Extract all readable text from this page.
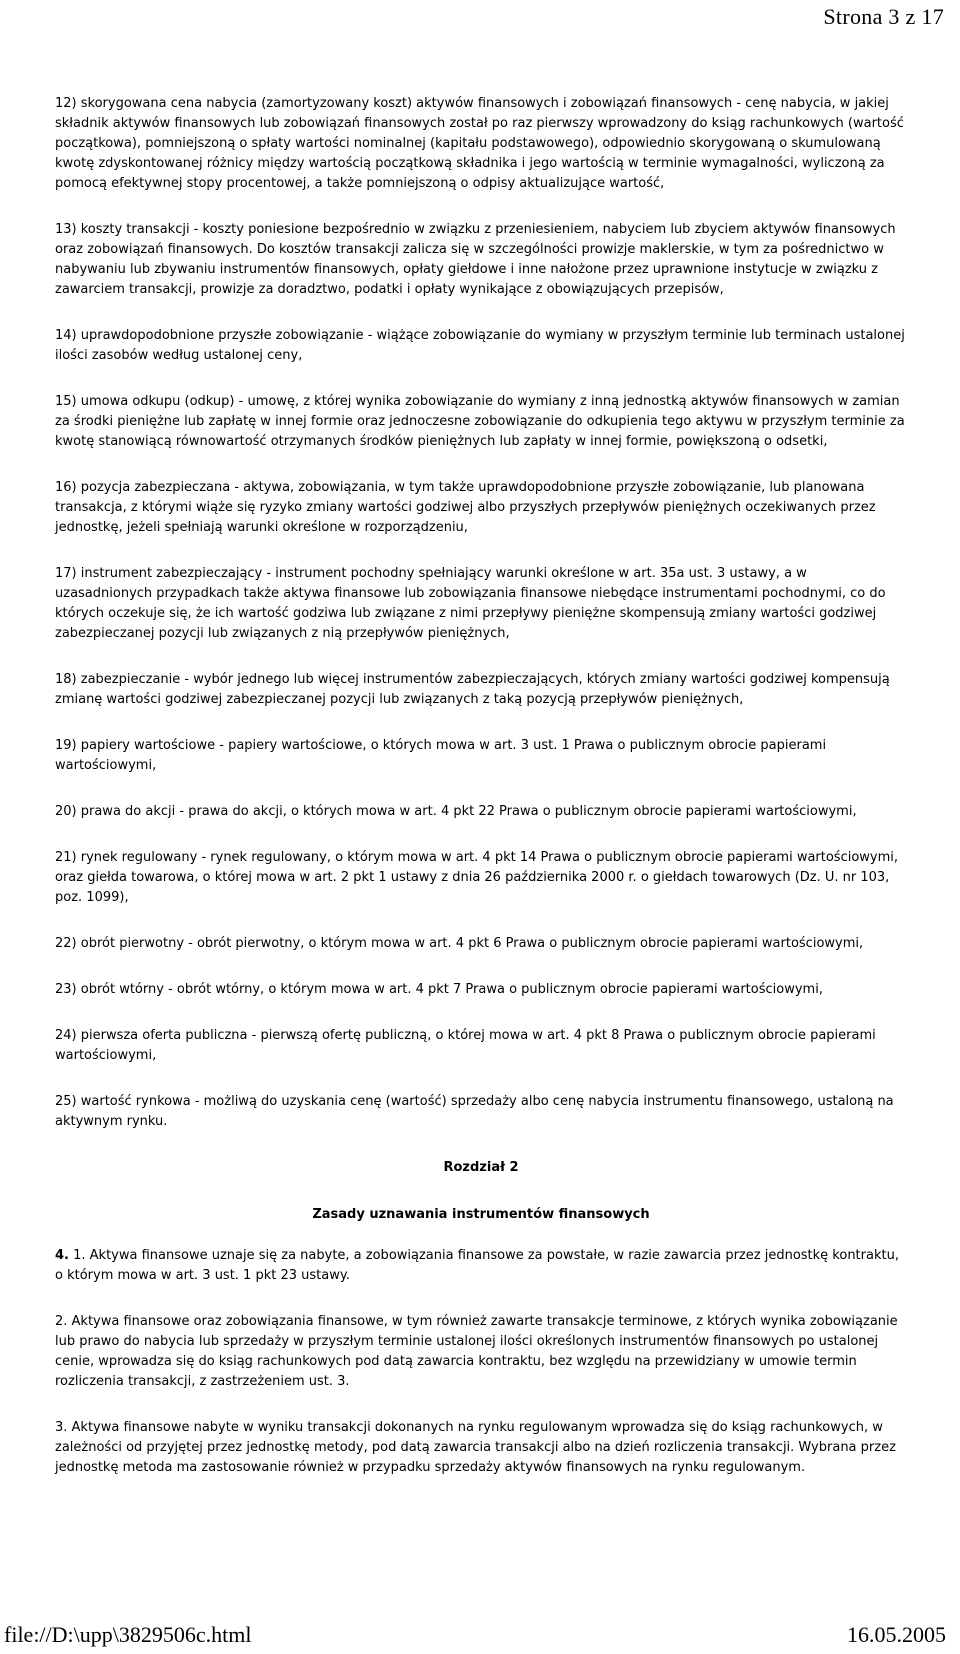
Strona 3 z 17

12) skorygowana cena nabycia (zamortyzowany koszt) aktywów finansowych i zobowiązań finansowych - cenę nabycia, w jakiej składnik aktywów finansowych lub zobowiązań finansowych został po raz pierwszy wprowadzony do ksiąg rachunkowych (wartość początkowa), pomniejszoną o spłaty wartości nominalnej (kapitału podstawowego), odpowiednio skorygowaną o skumulowaną kwotę zdyskontowanej różnicy między wartością początkową składnika i jego wartością w terminie wymagalności, wyliczoną za pomocą efektywnej stopy procentowej, a także pomniejszoną o odpisy aktualizujące wartość,

13) koszty transakcji - koszty poniesione bezpośrednio w związku z przeniesieniem, nabyciem lub zbyciem aktywów finansowych oraz zobowiązań finansowych. Do kosztów transakcji zalicza się w szczególności prowizje maklerskie, w tym za pośrednictwo w nabywaniu lub zbywaniu instrumentów finansowych, opłaty giełdowe i inne nałożone przez uprawnione instytucje w związku z zawarciem transakcji, prowizje za doradztwo, podatki i opłaty wynikające z obowiązujących przepisów,

14) uprawdopodobnione przyszłe zobowiązanie - wiążące zobowiązanie do wymiany w przyszłym terminie lub terminach ustalonej ilości zasobów według ustalonej ceny,

15) umowa odkupu (odkup) - umowę, z której wynika zobowiązanie do wymiany z inną jednostką aktywów finansowych w zamian za środki pieniężne lub zapłatę w innej formie oraz jednoczesne zobowiązanie do odkupienia tego aktywu w przyszłym terminie za kwotę stanowiącą równowartość otrzymanych środków pieniężnych lub zapłaty w innej formie, powiększoną o odsetki,

16) pozycja zabezpieczana - aktywa, zobowiązania, w tym także uprawdopodobnione przyszłe zobowiązanie, lub planowana transakcja, z którymi wiąże się ryzyko zmiany wartości godziwej albo przyszłych przepływów pieniężnych oczekiwanych przez jednostkę, jeżeli spełniają warunki określone w rozporządzeniu,

17) instrument zabezpieczający - instrument pochodny spełniający warunki określone w art. 35a ust. 3 ustawy, a w uzasadnionych przypadkach także aktywa finansowe lub zobowiązania finansowe niebędące instrumentami pochodnymi, co do których oczekuje się, że ich wartość godziwa lub związane z nimi przepływy pieniężne skompensują zmiany wartości godziwej zabezpieczanej pozycji lub związanych z nią przepływów pieniężnych,

18) zabezpieczanie - wybór jednego lub więcej instrumentów zabezpieczających, których zmiany wartości godziwej kompensują zmianę wartości godziwej zabezpieczanej pozycji lub związanych z taką pozycją przepływów pieniężnych,

19) papiery wartościowe - papiery wartościowe, o których mowa w art. 3 ust. 1 Prawa o publicznym obrocie papierami wartościowymi,

20) prawa do akcji - prawa do akcji, o których mowa w art. 4 pkt 22 Prawa o publicznym obrocie papierami wartościowymi,

21) rynek regulowany - rynek regulowany, o którym mowa w art. 4 pkt 14 Prawa o publicznym obrocie papierami wartościowymi, oraz giełda towarowa, o której mowa w art. 2 pkt 1 ustawy z dnia 26 października 2000 r. o giełdach towarowych (Dz. U. nr 103, poz. 1099),

22) obrót pierwotny - obrót pierwotny, o którym mowa w art. 4 pkt 6 Prawa o publicznym obrocie papierami wartościowymi,

23) obrót wtórny - obrót wtórny, o którym mowa w art. 4 pkt 7 Prawa o publicznym obrocie papierami wartościowymi,

24) pierwsza oferta publiczna - pierwszą ofertę publiczną, o której mowa w art. 4 pkt 8 Prawa o publicznym obrocie papierami wartościowymi,

25) wartość rynkowa - możliwą do uzyskania cenę (wartość) sprzedaży albo cenę nabycia instrumentu finansowego, ustaloną na aktywnym rynku.

Rozdział 2

Zasady uznawania instrumentów finansowych

4. 1. Aktywa finansowe uznaje się za nabyte, a zobowiązania finansowe za powstałe, w razie zawarcia przez jednostkę kontraktu, o którym mowa w art. 3 ust. 1 pkt 23 ustawy.

2. Aktywa finansowe oraz zobowiązania finansowe, w tym również zawarte transakcje terminowe, z których wynika zobowiązanie lub prawo do nabycia lub sprzedaży w przyszłym terminie ustalonej ilości określonych instrumentów finansowych po ustalonej cenie, wprowadza się do ksiąg rachunkowych pod datą zawarcia kontraktu, bez względu na przewidziany w umowie termin rozliczenia transakcji, z zastrzeżeniem ust. 3.

3. Aktywa finansowe nabyte w wyniku transakcji dokonanych na rynku regulowanym wprowadza się do ksiąg rachunkowych, w zależności od przyjętej przez jednostkę metody, pod datą zawarcia transakcji albo na dzień rozliczenia transakcji. Wybrana przez jednostkę metoda ma zastosowanie również w przypadku sprzedaży aktywów finansowych na rynku regulowanym.

file://D:\upp\3829506c.html	16.05.2005
